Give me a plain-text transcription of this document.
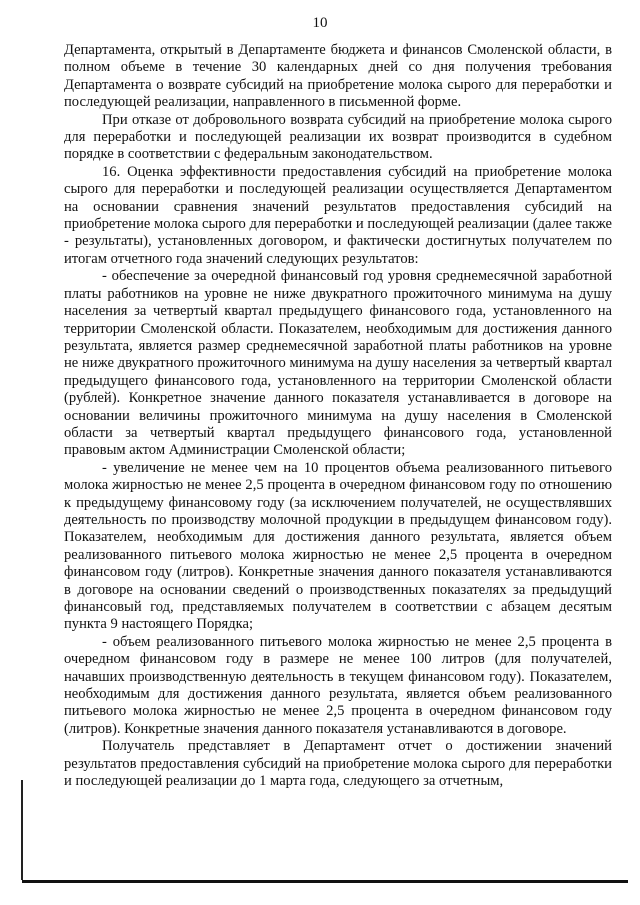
10

Департамента, открытый в Департаменте бюджета и финансов Смоленской области, в полном объеме в течение 30 календарных дней со дня получения требования Департамента о возврате субсидий на приобретение молока сырого для переработки и последующей реализации, направленного в письменной форме.

При отказе от добровольного возврата субсидий на приобретение молока сырого для переработки и последующей реализации их возврат производится в судебном порядке в соответствии с федеральным законодательством.

16. Оценка эффективности предоставления субсидий на приобретение молока сырого для переработки и последующей реализации осуществляется Департаментом на основании сравнения значений результатов предоставления субсидий на приобретение молока сырого для переработки и последующей реализации (далее также - результаты), установленных договором, и фактически достигнутых получателем по итогам отчетного года значений следующих результатов:

- обеспечение за очередной финансовый год уровня среднемесячной заработной платы работников на уровне не ниже двукратного прожиточного минимума на душу населения за четвертый квартал предыдущего финансового года, установленного на территории Смоленской области. Показателем, необходимым для достижения данного результата, является размер среднемесячной заработной платы работников на уровне не ниже двукратного прожиточного минимума на душу населения за четвертый квартал предыдущего финансового года, установленного на территории Смоленской области (рублей). Конкретное значение данного показателя устанавливается в договоре на основании величины прожиточного минимума на душу населения в Смоленской области за четвертый квартал предыдущего финансового года, установленной правовым актом Администрации Смоленской области;

- увеличение не менее чем на 10 процентов объема реализованного питьевого молока жирностью не менее 2,5 процента в очередном финансовом году по отношению к предыдущему финансовому году (за исключением получателей, не осуществлявших деятельность по производству молочной продукции в предыдущем финансовом году). Показателем, необходимым для достижения данного результата, является объем реализованного питьевого молока жирностью не менее 2,5 процента в очередном финансовом году (литров). Конкретные значения данного показателя устанавливаются в договоре на основании сведений о производственных показателях за предыдущий финансовый год, представляемых получателем в соответствии с абзацем десятым пункта 9 настоящего Порядка;

- объем реализованного питьевого молока жирностью не менее 2,5 процента в очередном финансовом году в размере не менее 100 литров (для получателей, начавших производственную деятельность в текущем финансовом году). Показателем, необходимым для достижения данного результата, является объем реализованного питьевого молока жирностью не менее 2,5 процента в очередном финансовом году (литров). Конкретные значения данного показателя устанавливаются в договоре.

Получатель представляет в Департамент отчет о достижении значений результатов предоставления субсидий на приобретение молока сырого для переработки и последующей реализации до 1 марта года, следующего за отчетным,
